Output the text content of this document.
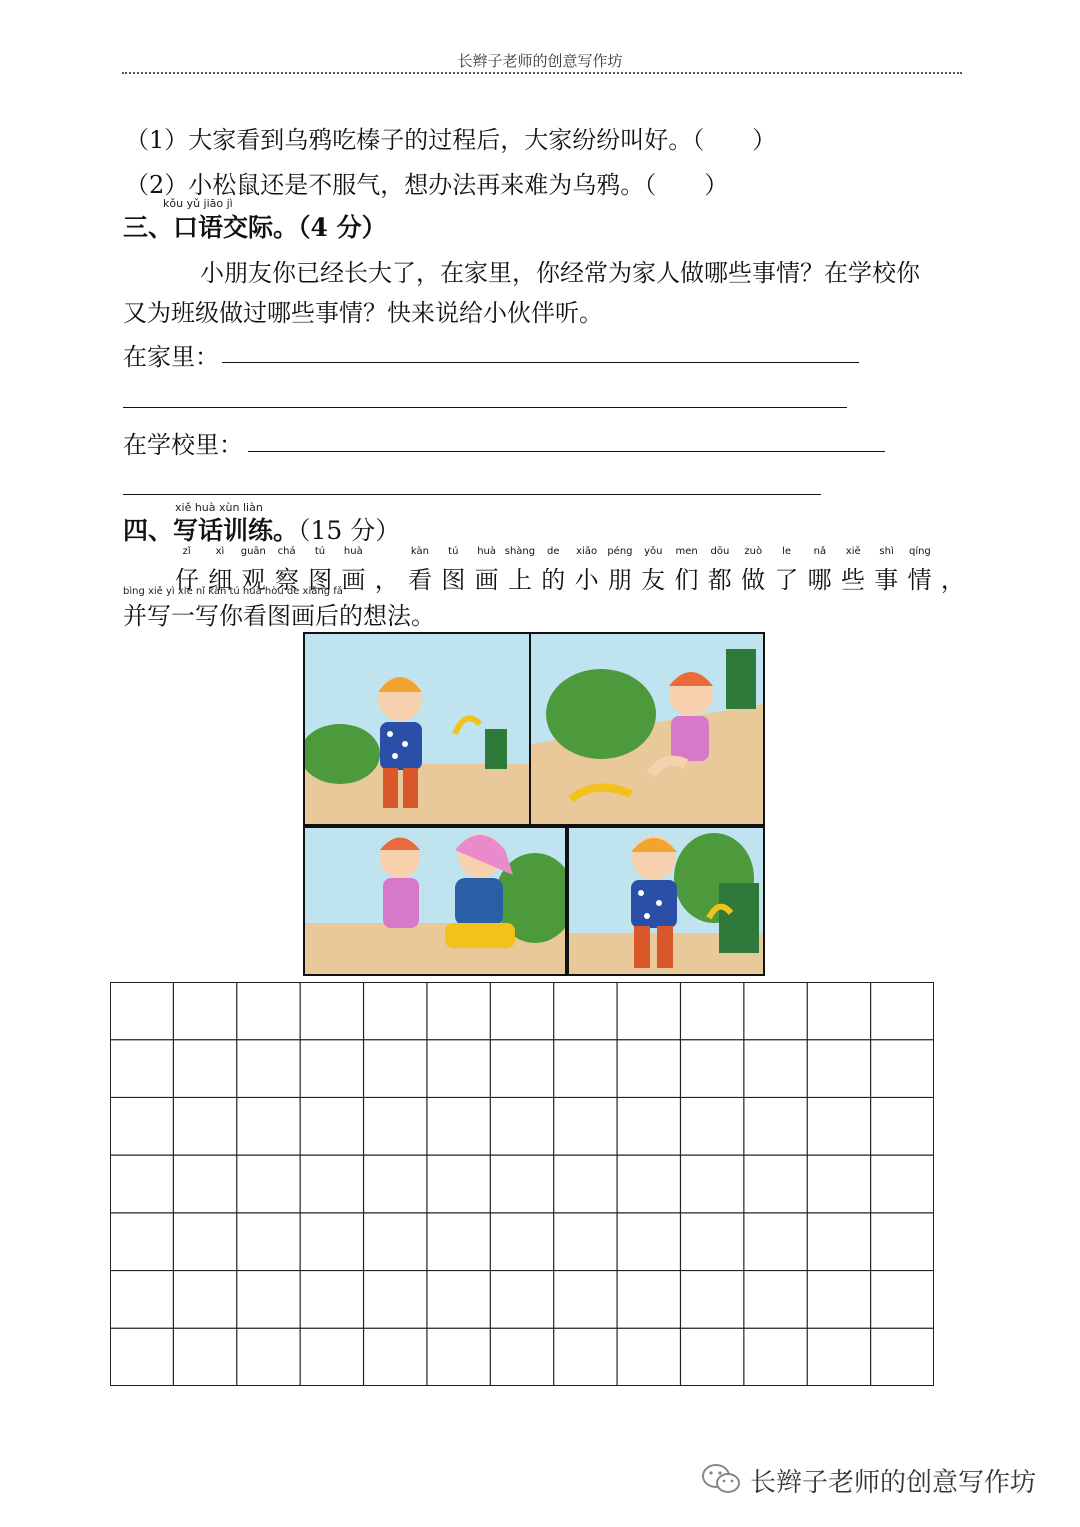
长辫子老师的创意写作坊
（1）大家看到乌鸦吃榛子的过程后，大家纷纷叫好。（　　）
（2）小松鼠还是不服气，想办法再来难为乌鸦。（　　）
kǒu yǔ jiāo jì
三、口语交际。（4 分）
小朋友你已经长大了，在家里，你经常为家人做哪些事情？在学校你
又为班级做过哪些事情？快来说给小伙伴听。
在家里：
在学校里：
xiě huà xùn liàn
四、写话训练。（15 分）
zǐ	xì	guān	chá	tú	huà	kàn	tú	huà shàng	de	xiǎo	péng	yǒu	men	dōu	zuò	le	nǎ	xiē	shì	qíng
仔 细 观 察 图 画 ， 看 图 画 上 的 小 朋 友 们 都 做 了 哪 些 事 情 ，
bìng xiě yì xiě nǐ kàn tú huà hòu de xiǎng fǎ
并写一写你看图画后的想法。
长辫子老师的创意写作坊
